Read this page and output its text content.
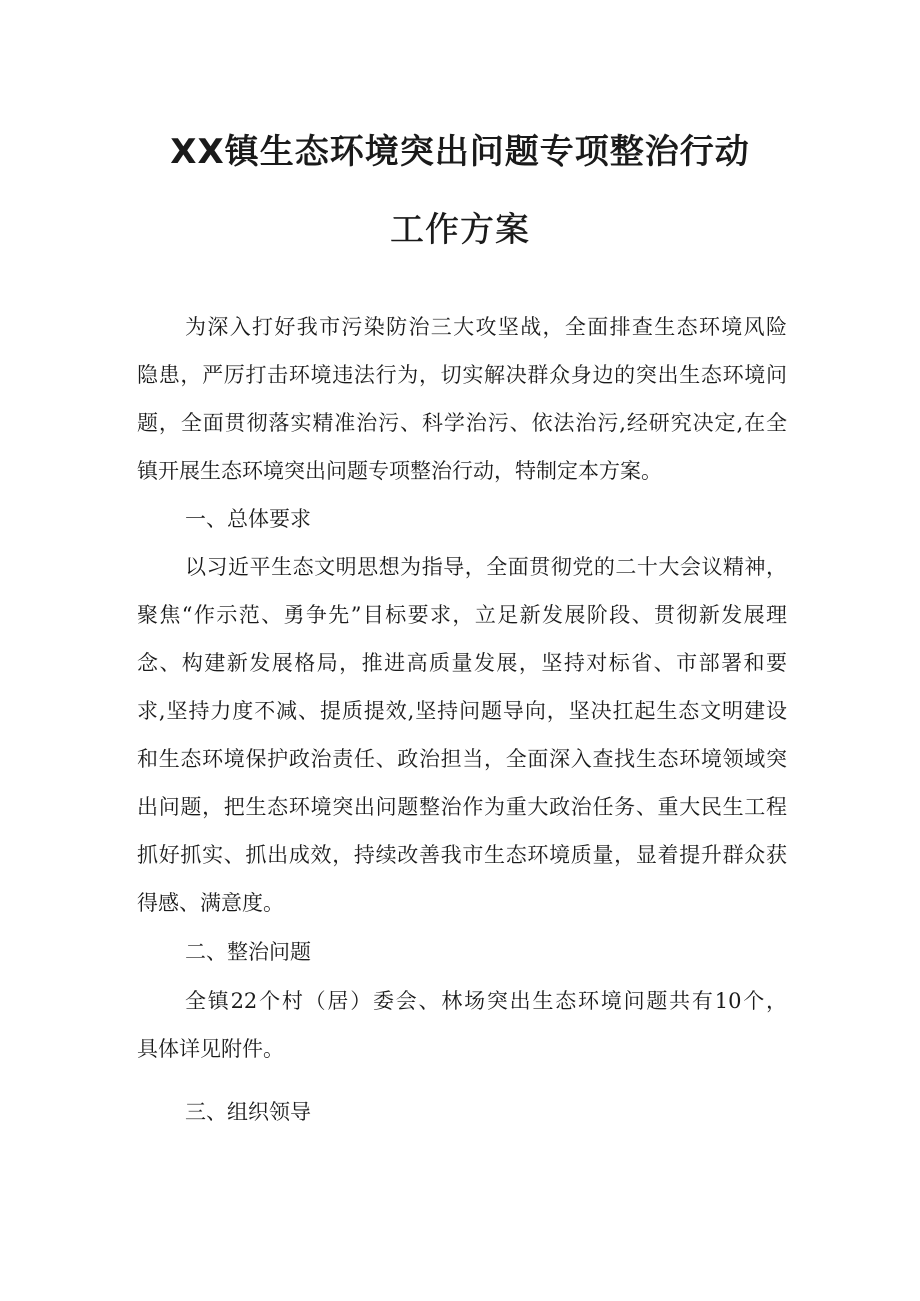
XX镇生态环境突出问题专项整治行动
工作方案
为深入打好我市污染防治三大攻坚战，全面排查生态环境风险
隐患，严厉打击环境违法行为，切实解决群众身边的突出生态环境问
题，全面贯彻落实精准治污、科学治污、依法治污,经研究决定,在全
镇开展生态环境突出问题专项整治行动，特制定本方案。
一、总体要求
以习近平生态文明思想为指导，全面贯彻党的二十大会议精神，
聚焦“作示范、勇争先”目标要求，立足新发展阶段、贯彻新发展理
念、构建新发展格局，推进高质量发展，坚持对标省、市部署和要
求,坚持力度不减、提质提效,坚持问题导向，坚决扛起生态文明建设
和生态环境保护政治责任、政治担当，全面深入查找生态环境领域突
出问题，把生态环境突出问题整治作为重大政治任务、重大民生工程
抓好抓实、抓出成效，持续改善我市生态环境质量，显着提升群众获
得感、满意度。
二、整治问题
全镇22个村（居）委会、林场突出生态环境问题共有10个，
具体详见附件。
三、组织领导
